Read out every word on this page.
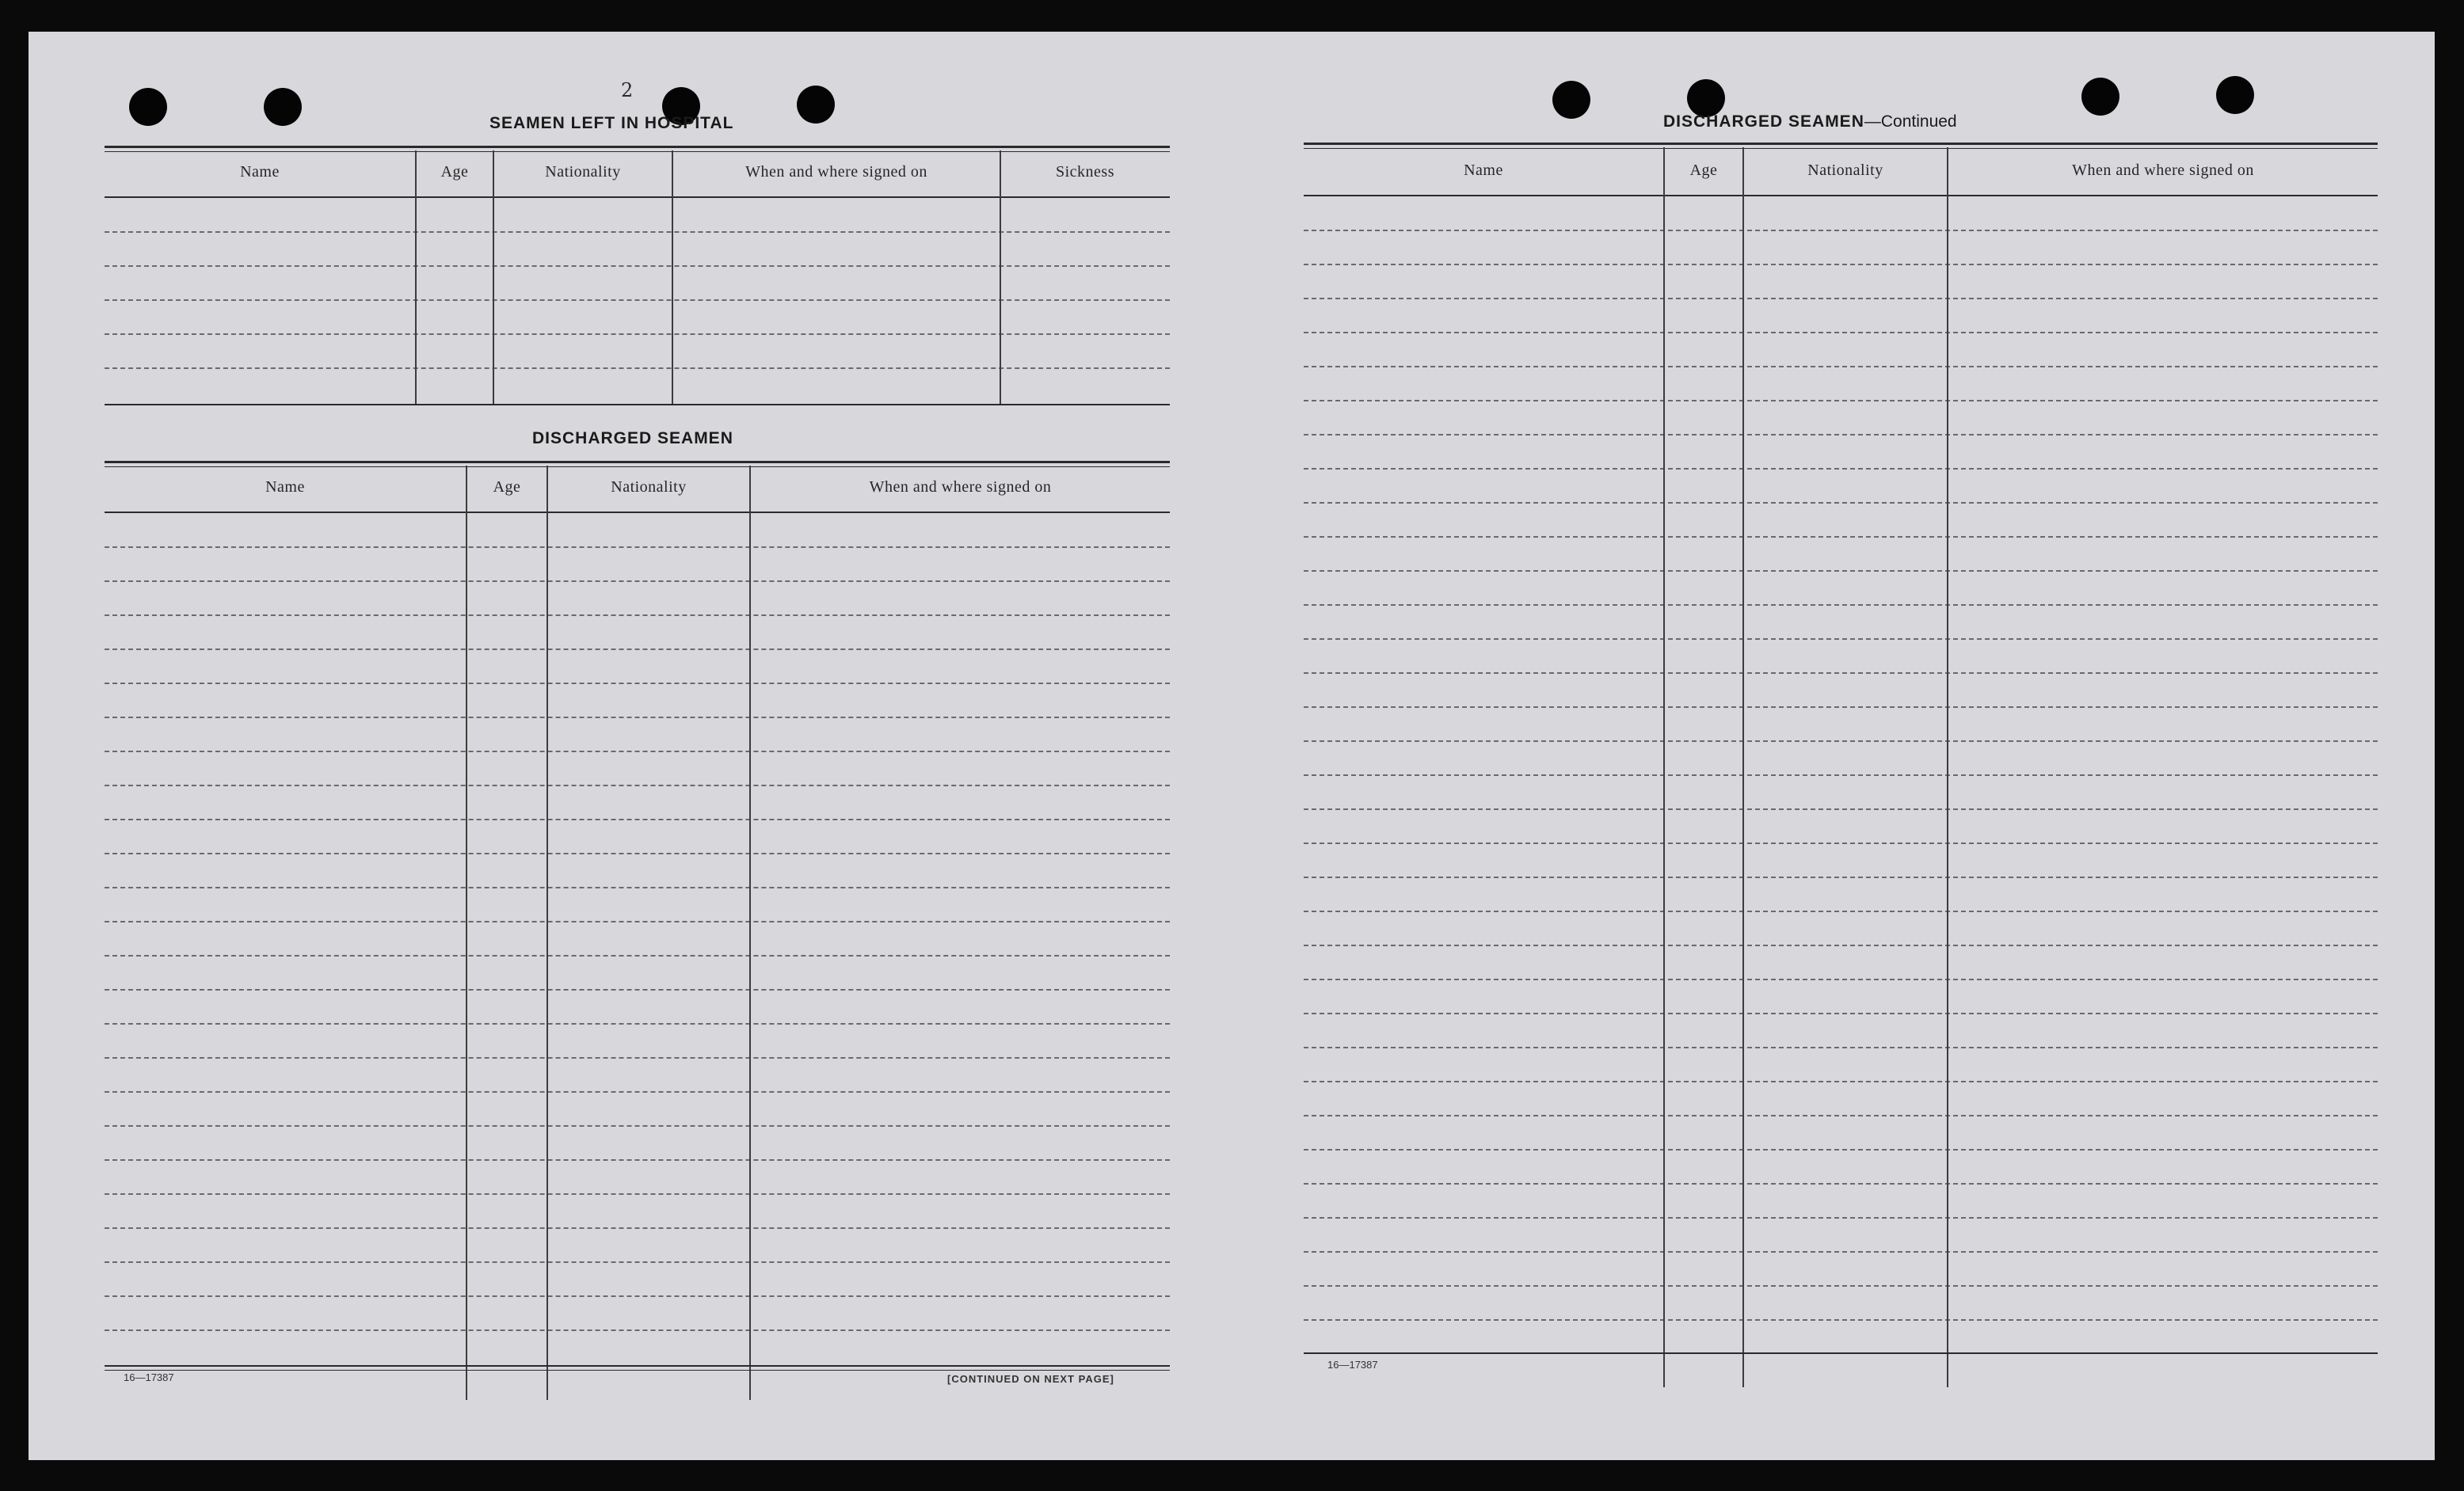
2
SEAMEN LEFT IN HOSPITAL
Name	Age	Nationality	When and where signed on	Sickness
DISCHARGED SEAMEN
Name	Age	Nationality	When and where signed on
16—17387	[CONTINUED ON NEXT PAGE]
DISCHARGED SEAMEN—Continued
Name	Age	Nationality	When and where signed on
16—17387
